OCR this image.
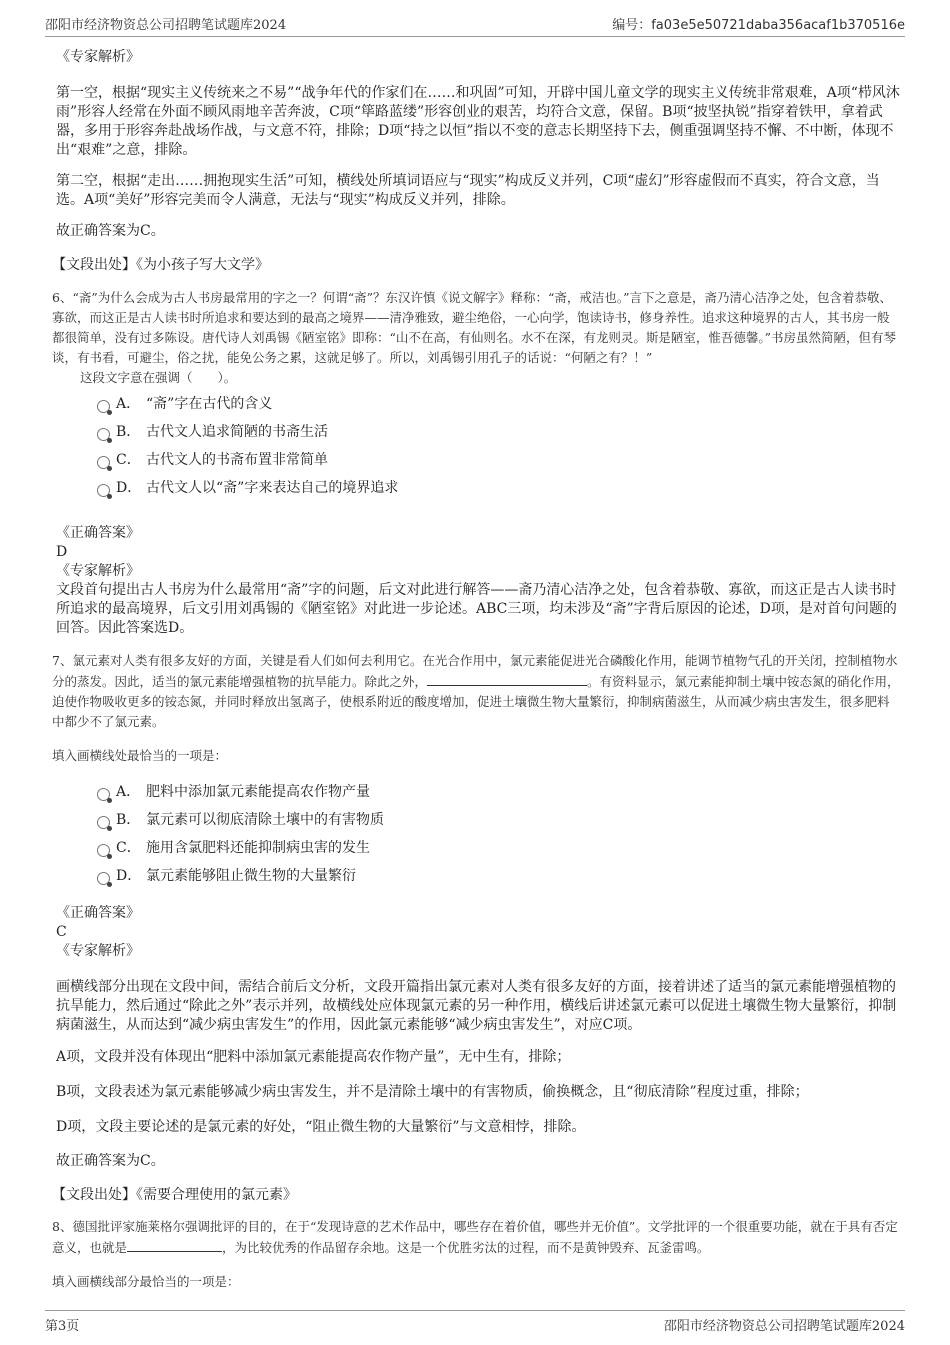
邵阳市经济物资总公司招聘笔试题库2024	编号：fa03e5e50721daba356acaf1b370516e

《专家解析》

第一空，根据“现实主义传统来之不易”“战争年代的作家们在……和巩固”可知，开辟中国儿童文学的现实主义传统非常艰难，A项“栉风沐雨”形容人经常在外面不顾风雨地辛苦奔波，C项“筚路蓝缕”形容创业的艰苦，均符合文意，保留。B项“披坚执锐”指穿着铁甲，拿着武器，多用于形容奔赴战场作战，与文意不符，排除；D项“持之以恒”指以不变的意志长期坚持下去，侧重强调坚持不懈、不中断，体现不出“艰难”之意，排除。

第二空，根据“走出……拥抱现实生活”可知，横线处所填词语应与“现实”构成反义并列，C项“虚幻”形容虚假而不真实，符合文意，当选。A项“美好”形容完美而令人满意，无法与“现实”构成反义并列，排除。

故正确答案为C。

【文段出处】《为小孩子写大文学》

6、“斋”为什么会成为古人书房最常用的字之一？何谓“斋”？东汉许慎《说文解字》释称：“斋，戒洁也。”言下之意是，斋乃清心洁净之处，包含着恭敬、寡欲，而这正是古人读书时所追求和要达到的最高之境界——清净雅致，避尘绝俗，一心向学，饱读诗书，修身养性。追求这种境界的古人，其书房一般都很简单，没有过多陈设。唐代诗人刘禹锡《陋室铭》即称：“山不在高，有仙则名。水不在深，有龙则灵。斯是陋室，惟吾德馨。”书房虽然简陋，但有琴谈，有书看，可避尘，俗之扰，能免公务之累，这就足够了。所以，刘禹锡引用孔子的话说：“何陋之有？！”

这段文字意在强调（　　）。

A． “斋”字在古代的含义
B． 古代文人追求简陋的书斋生活
C． 古代文人的书斋布置非常简单
D． 古代文人以“斋”字来表达自己的境界追求

《正确答案》

D

《专家解析》

文段首句提出古人书房为什么最常用“斋”字的问题，后文对此进行解答——斋乃清心洁净之处，包含着恭敬、寡欲，而这正是古人读书时所追求的最高境界，后文引用刘禹锡的《陋室铭》对此进一步论述。ABC三项，均未涉及“斋”字背后原因的论述，D项，是对首句问题的回答。因此答案选D。

7、氯元素对人类有很多友好的方面，关键是看人们如何去利用它。在光合作用中，氯元素能促进光合磷酸化作用，能调节植物气孔的开关闭，控制植物水分的蒸发。因此，适当的氯元素能增强植物的抗旱能力。除此之外，	。有资料显示，氯元素能抑制土壤中铵态氮的硝化作用，迫使作物吸收更多的铵态氮，并同时释放出氢离子，使根系附近的酸度增加，促进土壤微生物大量繁衍，抑制病菌滋生，从而减少病虫害发生，很多肥料中都少不了氯元素。

填入画横线处最恰当的一项是：

A． 肥料中添加氯元素能提高农作物产量
B． 氯元素可以彻底清除土壤中的有害物质
C． 施用含氯肥料还能抑制病虫害的发生
D． 氯元素能够阻止微生物的大量繁衍

《正确答案》

C

《专家解析》

画横线部分出现在文段中间，需结合前后文分析，文段开篇指出氯元素对人类有很多友好的方面，接着讲述了适当的氯元素能增强植物的抗旱能力，然后通过“除此之外”表示并列，故横线处应体现氯元素的另一种作用，横线后讲述氯元素可以促进土壤微生物大量繁衍，抑制病菌滋生，从而达到“减少病虫害发生”的作用，因此氯元素能够“减少病虫害发生”，对应C项。

A项，文段并没有体现出“肥料中添加氯元素能提高农作物产量”，无中生有，排除；

B项，文段表述为氯元素能够减少病虫害发生，并不是清除土壤中的有害物质，偷换概念，且“彻底清除”程度过重，排除；

D项，文段主要论述的是氯元素的好处，“阻止微生物的大量繁衍”与文意相悖，排除。

故正确答案为C。

【文段出处】《需要合理使用的氯元素》

8、德国批评家施莱格尔强调批评的目的，在于“发现诗意的艺术作品中，哪些存在着价值，哪些并无价值”。文学批评的一个很重要功能，就在于具有否定意义，也就是	，为比较优秀的作品留存余地。这是一个优胜劣汰的过程，而不是黄钟毁弃、瓦釜雷鸣。

填入画横线部分最恰当的一项是：

第3页	邵阳市经济物资总公司招聘笔试题库2024
